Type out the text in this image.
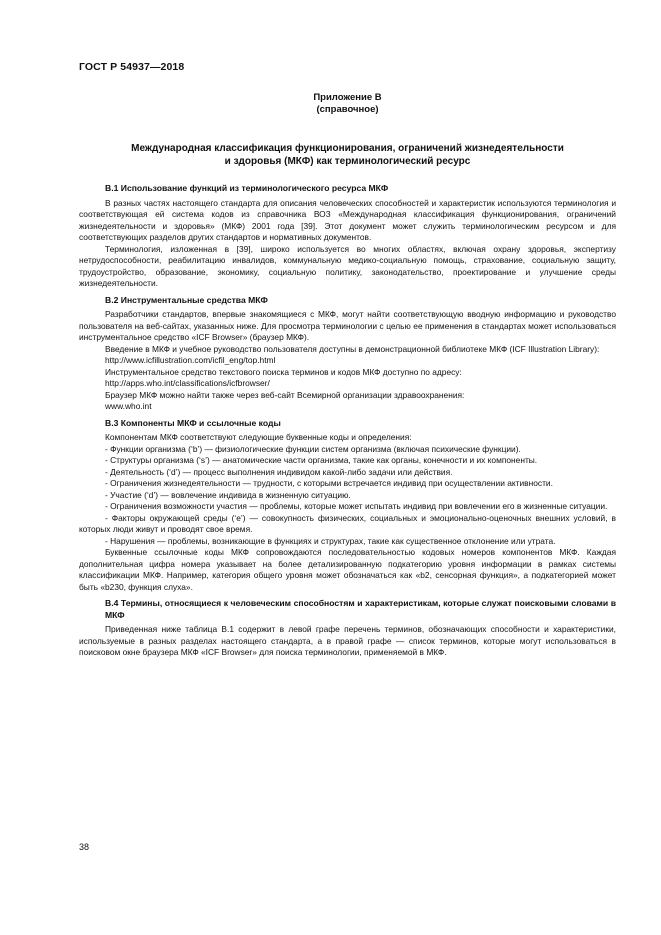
ГОСТ Р 54937—2018
Приложение В
(справочное)
Международная классификация функционирования, ограничений жизнедеятельности
и здоровья (МКФ) как терминологический ресурс
В.1 Использование функций из терминологического ресурса МКФ

В разных частях настоящего стандарта для описания человеческих способностей и характеристик используются терминология и соответствующая ей система кодов из справочника ВОЗ «Международная классификация функционирования, ограничений жизнедеятельности и здоровья» (МКФ) 2001 года [39]. Этот документ может служить терминологическим ресурсом и для соответствующих разделов других стандартов и нормативных документов.

Терминология, изложенная в [39], широко используется во многих областях, включая охрану здоровья, экспертизу нетрудоспособности, реабилитацию инвалидов, коммунальную медико-социальную помощь, страхование, социальную защиту, трудоустройство, образование, экономику, социальную политику, законодательство, проектирование и улучшение среды жизнедеятельности.

В.2 Инструментальные средства МКФ

Разработчики стандартов, впервые знакомящиеся с МКФ, могут найти соответствующую вводную информацию и руководство пользователя на веб-сайтах, указанных ниже. Для просмотра терминологии с целью ее применения в стандартах может использоваться инструментальное средство «ICF Browser» (браузер МКФ).

Введение в МКФ и учебное руководство пользователя доступны в демонстрационной библиотеке МКФ (ICF Illustration Library):

http://www.icfillustration.com/icfil_eng/top.html

Инструментальное средство текстового поиска терминов и кодов МКФ доступно по адресу:

http://apps.who.int/classifications/icfbrowser/

Браузер МКФ можно найти также через веб-сайт Всемирной организации здравоохранения:

www.who.int

В.3 Компоненты МКФ и ссылочные коды

Компонентам МКФ соответствуют следующие буквенные коды и определения:

- Функции организма (‘b’) — физиологические функции систем организма (включая психические функции).

- Структуры организма (‘s’) — анатомические части организма, такие как органы, конечности и их компоненты.

- Деятельность (‘d’) — процесс выполнения индивидом какой-либо задачи или действия.

- Ограничения жизнедеятельности — трудности, с которыми встречается индивид при осуществлении активности.

- Участие (‘d’) — вовлечение индивида в жизненную ситуацию.

- Ограничения возможности участия — проблемы, которые может испытать индивид при вовлечении его в жизненные ситуации.

- Факторы окружающей среды (‘e’) — совокупность физических, социальных и эмоционально-оценочных внешних условий, в которых люди живут и проводят свое время.

- Нарушения — проблемы, возникающие в функциях и структурах, такие как существенное отклонение или утрата.

Буквенные ссылочные коды МКФ сопровождаются последовательностью кодовых номеров компонентов МКФ. Каждая дополнительная цифра номера указывает на более детализированную подкатегорию уровня информации в рамках системы классификации МКФ. Например, категория общего уровня может обозначаться как «b2, сенсорная функция», а подкатегорией может быть «b230, функция слуха».

В.4 Термины, относящиеся к человеческим способностям и характеристикам, которые служат поисковыми словами в МКФ

Приведенная ниже таблица В.1 содержит в левой графе перечень терминов, обозначающих способности и характеристики, используемые в разных разделах настоящего стандарта, а в правой графе — список терминов, которые могут использоваться в поисковом окне браузера МКФ «ICF Browser» для поиска терминологии, применяемой в МКФ.

38
